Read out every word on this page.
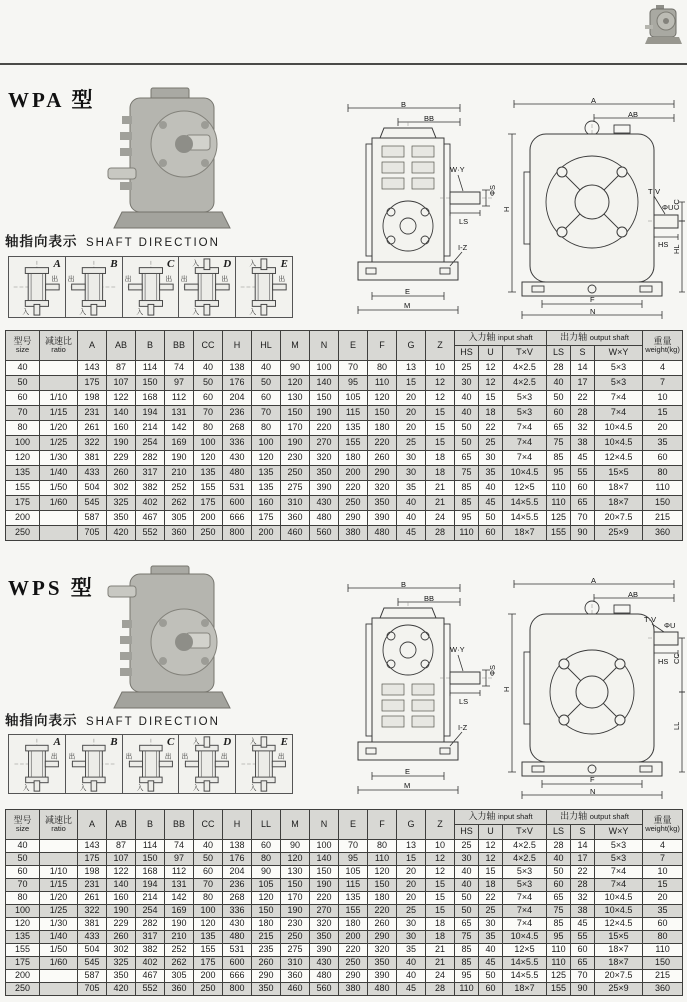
WPA 型	B
BB
W·Y
ΦS
LS
I-Z
E
M
A
AB
H
T·V
ΦU
HS
CC
HL
F
N
轴指向表示 SHAFT DIRECTION
出
出
入
入
A
出
出
入
入
B
出
出
入
入
C
出
出
入
入
D
出
出
入
入
E
型号
size

减速比
ratio	A	AB	B	BB	CC	H	HL	M	N	E	F	G	Z	入力轴 input shaft	出力轴 output shaft	重量
weight(kg)

															HS	U	T×V	LS	S	W×Y	
40		143	87	114	74	40	138	40	90	100	70	80	13	10	25	12	4×2.5	28	14	5×3	4
50		175	107	150	97	50	176	50	120	140	95	110	15	12	30	12	4×2.5	40	17	5×3	7
60	1/10	198	122	168	112	60	204	60	130	150	105	120	20	12	40	15	5×3	50	22	7×4	10
70	1/15	231	140	194	131	70	236	70	150	190	115	150	20	15	40	18	5×3	60	28	7×4	15
80	1/20	261	160	214	142	80	268	80	170	220	135	180	20	15	50	22	7×4	65	32	10×4.5	20
100	1/25	322	190	254	169	100	336	100	190	270	155	220	25	15	50	25	7×4	75	38	10×4.5	35
120	1/30	381	229	282	190	120	430	120	230	320	180	260	30	18	65	30	7×4	85	45	12×4.5	60
135	1/40	433	260	317	210	135	480	135	250	350	200	290	30	18	75	35	10×4.5	95	55	15×5	80
155	1/50	504	302	382	252	155	531	135	275	390	220	320	35	21	85	40	12×5	110	60	18×7	110
175	1/60	545	325	402	262	175	600	160	310	430	250	350	40	21	85	45	14×5.5	110	65	18×7	150
200		587	350	467	305	200	666	175	360	480	290	390	40	24	95	50	14×5.5	125	70	20×7.5	215
250		705	420	552	360	250	800	200	460	560	380	480	45	28	110	60	18×7	155	90	25×9	360
WPS 型	B
BB
W·Y
ΦS
LS
I-Z
E
M
A
AB
H
T·V
ΦU
HS CC
LL
F
N
轴指向表示 SHAFT DIRECTION
出
出
入
入
A
出
出
入
入
B
出
出
入
入
C
出
出
入
入
D
出
出
入
入
E
型号
size

减速比
ratio	A	AB	B	BB	CC	H	LL	M	N	E	F	G	Z	入力轴 input shaft	出力轴 output shaft	重量
weight(kg)

															HS	U	T×V	LS	S	W×Y	
40		143	87	114	74	40	138	60	90	100	70	80	13	10	25	12	4×2.5	28	14	5×3	4
50		175	107	150	97	50	176	80	120	140	95	110	15	12	30	12	4×2.5	40	17	5×3	7
60	1/10	198	122	168	112	60	204	90	130	150	105	120	20	12	40	15	5×3	50	22	7×4	10
70	1/15	231	140	194	131	70	236	105	150	190	115	150	20	15	40	18	5×3	60	28	7×4	15
80	1/20	261	160	214	142	80	268	120	170	220	135	180	20	15	50	22	7×4	65	32	10×4.5	20
100	1/25	322	190	254	169	100	336	150	190	270	155	220	25	15	50	25	7×4	75	38	10×4.5	35
120	1/30	381	229	282	190	120	430	180	230	320	180	260	30	18	65	30	7×4	85	45	12×4.5	60
135	1/40	433	260	317	210	135	480	215	250	350	200	290	30	18	75	35	10×4.5	95	55	15×5	80
155	1/50	504	302	382	252	155	531	235	275	390	220	320	35	21	85	40	12×5	110	60	18×7	110
175	1/60	545	325	402	262	175	600	260	310	430	250	350	40	21	85	45	14×5.5	110	65	18×7	150
200		587	350	467	305	200	666	290	360	480	290	390	40	24	95	50	14×5.5	125	70	20×7.5	215
250		705	420	552	360	250	800	350	460	560	380	480	45	28	110	60	18×7	155	90	25×9	360
